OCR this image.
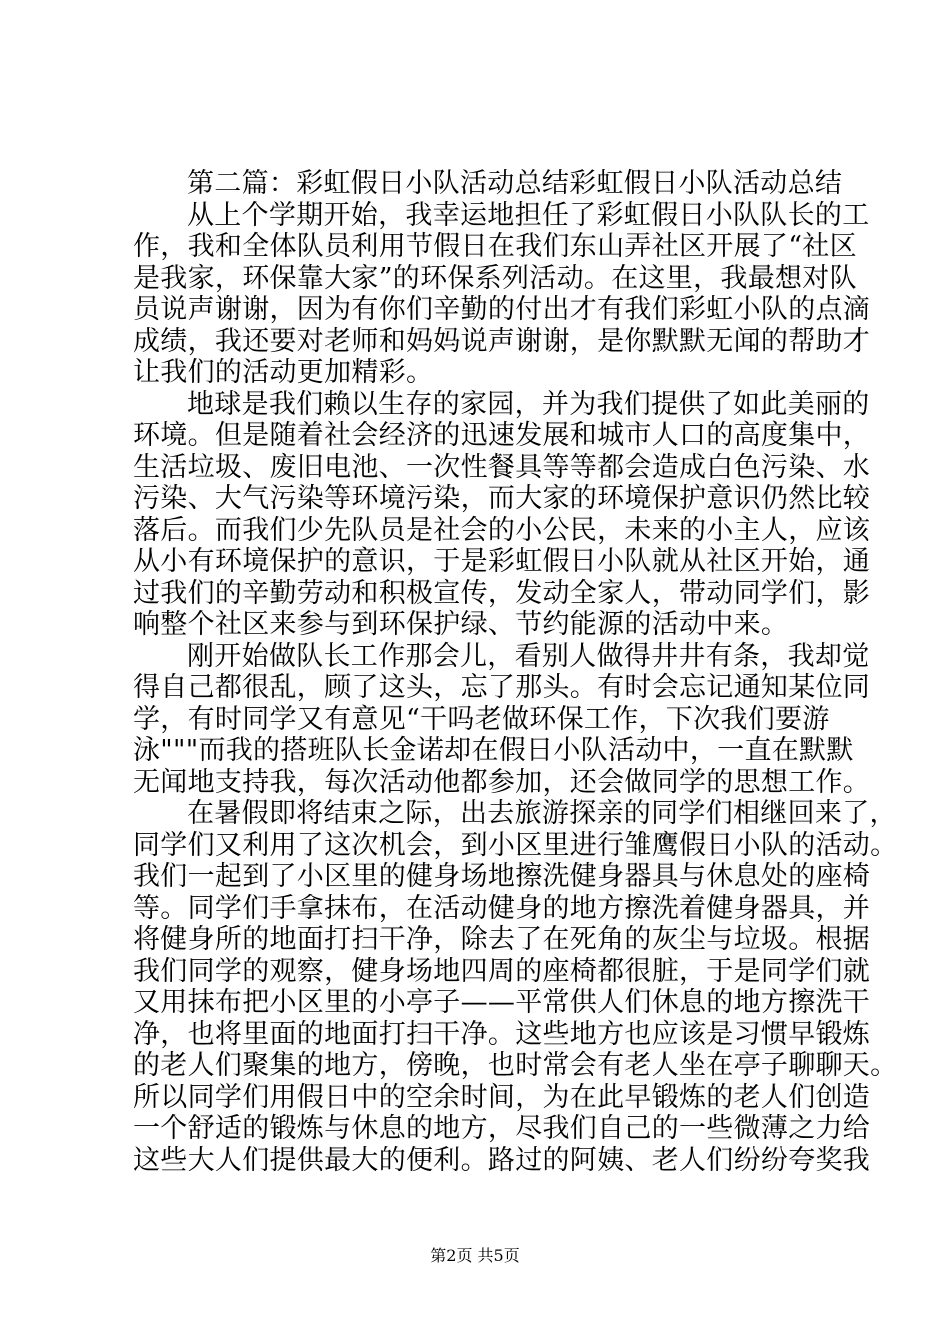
第二篇：彩虹假日小队活动总结彩虹假日小队活动总结
从上个学期开始，我幸运地担任了彩虹假日小队队长的工
作，我和全体队员利用节假日在我们东山弄社区开展了“社区
是我家，环保靠大家”的环保系列活动。在这里，我最想对队
员说声谢谢，因为有你们辛勤的付出才有我们彩虹小队的点滴
成绩，我还要对老师和妈妈说声谢谢，是你默默无闻的帮助才
让我们的活动更加精彩。
地球是我们赖以生存的家园，并为我们提供了如此美丽的
环境。但是随着社会经济的迅速发展和城市人口的高度集中，
生活垃圾、废旧电池、一次性餐具等等都会造成白色污染、水
污染、大气污染等环境污染，而大家的环境保护意识仍然比较
落后。而我们少先队员是社会的小公民，未来的小主人，应该
从小有环境保护的意识，于是彩虹假日小队就从社区开始，通
过我们的辛勤劳动和积极宣传，发动全家人，带动同学们，影
响整个社区来参与到环保护绿、节约能源的活动中来。
刚开始做队长工作那会儿，看别人做得井井有条，我却觉
得自己都很乱，顾了这头，忘了那头。有时会忘记通知某位同
学，有时同学又有意见“干吗老做环保工作，下次我们要游
泳"""而我的搭班队长金诺却在假日小队活动中，一直在默默
无闻地支持我，每次活动他都参加，还会做同学的思想工作。
在暑假即将结束之际，出去旅游探亲的同学们相继回来了，
同学们又利用了这次机会，到小区里进行雏鹰假日小队的活动。
我们一起到了小区里的健身场地擦洗健身器具与休息处的座椅
等。同学们手拿抹布，在活动健身的地方擦洗着健身器具，并
将健身所的地面打扫干净，除去了在死角的灰尘与垃圾。根据
我们同学的观察，健身场地四周的座椅都很脏，于是同学们就
又用抹布把小区里的小亭子——平常供人们休息的地方擦洗干
净，也将里面的地面打扫干净。这些地方也应该是习惯早锻炼
的老人们聚集的地方，傍晚，也时常会有老人坐在亭子聊聊天。
所以同学们用假日中的空余时间，为在此早锻炼的老人们创造
一个舒适的锻炼与休息的地方，尽我们自己的一些微薄之力给
这些大人们提供最大的便利。路过的阿姨、老人们纷纷夸奖我
第2页 共5页
